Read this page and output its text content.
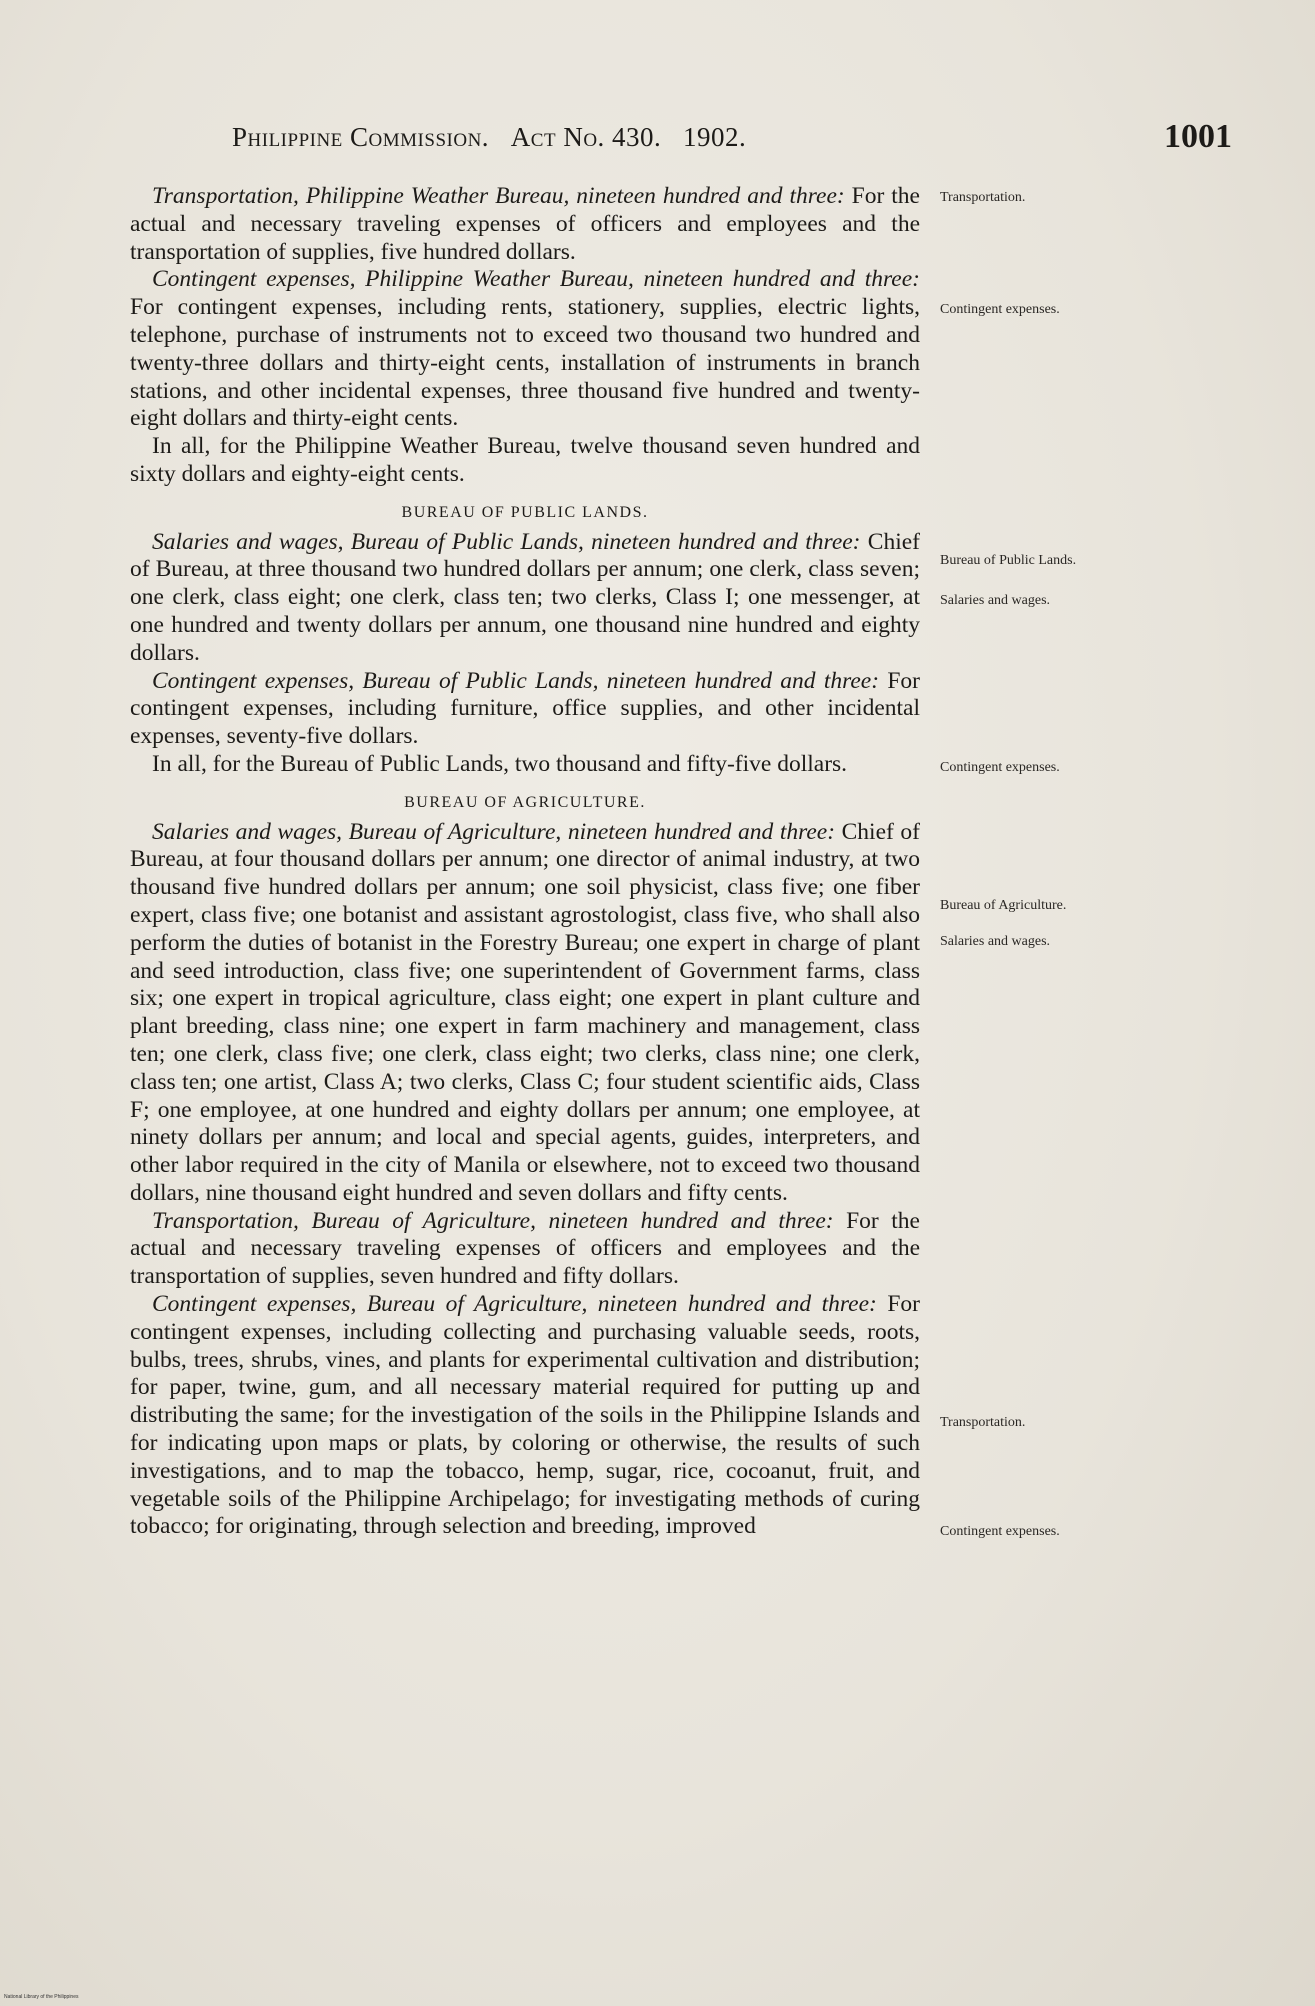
Philippine Commission. Act No. 430. 1902.	1001

Transportation, Philippine Weather Bureau, nineteen hundred and three: For the actual and necessary traveling expenses of officers and employees and the transportation of supplies, five hundred dollars.

Contingent expenses, Philippine Weather Bureau, nineteen hundred and three: For contingent expenses, including rents, stationery, supplies, electric lights, telephone, purchase of instruments not to exceed two thousand two hundred and twenty-three dollars and thirty-eight cents, installation of instruments in branch stations, and other incidental expenses, three thousand five hundred and twenty-eight dollars and thirty-eight cents.

In all, for the Philippine Weather Bureau, twelve thousand seven hundred and sixty dollars and eighty-eight cents.

BUREAU OF PUBLIC LANDS.

Salaries and wages, Bureau of Public Lands, nineteen hundred and three: Chief of Bureau, at three thousand two hundred dollars per annum; one clerk, class seven; one clerk, class eight; one clerk, class ten; two clerks, Class I; one messenger, at one hundred and twenty dollars per annum, one thousand nine hundred and eighty dollars.

Contingent expenses, Bureau of Public Lands, nineteen hundred and three: For contingent expenses, including furniture, office supplies, and other incidental expenses, seventy-five dollars.

In all, for the Bureau of Public Lands, two thousand and fifty-five dollars.

BUREAU OF AGRICULTURE.

Salaries and wages, Bureau of Agriculture, nineteen hundred and three: Chief of Bureau, at four thousand dollars per annum; one director of animal industry, at two thousand five hundred dollars per annum; one soil physicist, class five; one fiber expert, class five; one botanist and assistant agrostologist, class five, who shall also perform the duties of botanist in the Forestry Bureau; one expert in charge of plant and seed introduction, class five; one superintendent of Government farms, class six; one expert in tropical agriculture, class eight; one expert in plant culture and plant breeding, class nine; one expert in farm machinery and management, class ten; one clerk, class five; one clerk, class eight; two clerks, class nine; one clerk, class ten; one artist, Class A; two clerks, Class C; four student scientific aids, Class F; one employee, at one hundred and eighty dollars per annum; one employee, at ninety dollars per annum; and local and special agents, guides, interpreters, and other labor required in the city of Manila or elsewhere, not to exceed two thousand dollars, nine thousand eight hundred and seven dollars and fifty cents.

Transportation, Bureau of Agriculture, nineteen hundred and three: For the actual and necessary traveling expenses of officers and employees and the transportation of supplies, seven hundred and fifty dollars.

Contingent expenses, Bureau of Agriculture, nineteen hundred and three: For contingent expenses, including collecting and purchasing valuable seeds, roots, bulbs, trees, shrubs, vines, and plants for experimental cultivation and distribution; for paper, twine, gum, and all necessary material required for putting up and distributing the same; for the investigation of the soils in the Philippine Islands and for indicating upon maps or plats, by coloring or otherwise, the results of such investigations, and to map the tobacco, hemp, sugar, rice, cocoanut, fruit, and vegetable soils of the Philippine Archipelago; for investigating methods of curing tobacco; for originating, through selection and breeding, improved

Transportation.
Contingent expenses.
Bureau of Public Lands.
Salaries and wages.
Contingent expenses.
Bureau of Agriculture.
Salaries and wages.
Transportation.
Contingent expenses.
National Library of the Philippines
